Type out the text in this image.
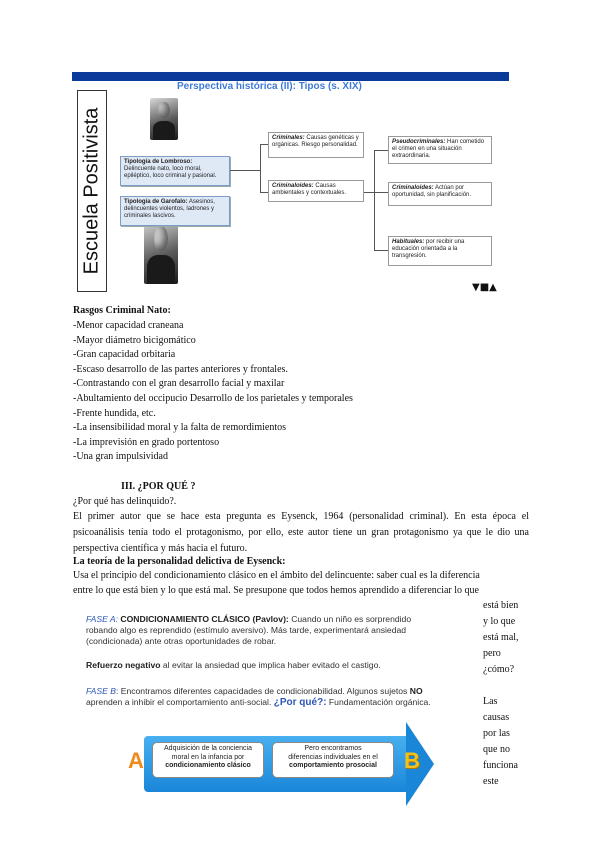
Perspectiva histórica (II): Tipos (s. XIX)
Escuela Positivista	Tipología de Lombroso:
Delincuente nato, loco moral, epiléptico, loco criminal y pasional.
Tipología de Garofalo: Asesinos, delincuentes violentos, ladrones y criminales lascivos.
Criminales: Causas genéticas y orgánicas. Riesgo personalidad.
Criminaloides: Causas ambientales y contextuales.
Pseudocriminales: Han cometido el crimen en una situación extraordinaria.
Criminaloides: Actúan por oportunidad, sin planificación.
Habituales: por recibir una educación orientada a la transgresión.
▼■▲
Rasgos Criminal Nato:
-Menor capacidad craneana
-Mayor diámetro bicigomático
-Gran capacidad orbitaria
-Escaso desarrollo de las partes anteriores y frontales.
-Contrastando con el gran desarrollo facial y maxilar
-Abultamiento del occipucio Desarrollo de los parietales y temporales
-Frente hundida, etc.
-La insensibilidad moral y la falta de remordimientos
-La imprevisión en grado portentoso
-Una gran impulsividad
III. ¿POR QUÉ ?
¿Por qué has delinquido?.
El primer autor que se hace esta pregunta es Eysenck, 1964 (personalidad criminal). En esta época el psicoanálisis tenía todo el protagonismo, por ello, este autor tiene un gran protagonismo ya que le dio una perspectiva científica y más hacia el futuro.
La teoría de la personalidad delictiva de Eysenck:
Usa el principio del condicionamiento clásico en el ámbito del delincuente: saber cual es la diferencia
entre lo que está bien y lo que está mal. Se presupone que todos hemos aprendido a diferenciar lo que
está bien
y lo que
está mal,
pero
¿cómo?
Las
causas
por las
que no
funciona
este
FASE A: CONDICIONAMIENTO CLÁSICO (Pavlov): Cuando un niño es sorprendido
robando algo es reprendido (estímulo aversivo). Más tarde, experimentará ansiedad
(condicionada) ante otras oportunidades de robar.
Refuerzo negativo al evitar la ansiedad que implica haber evitado el castigo.
FASE B: Encontramos diferentes capacidades de condicionabilidad. Algunos sujetos NO
aprenden a inhibir el comportamiento anti-social. ¿Por qué?: Fundamentación orgánica.
Adquisición de la conciencia
moral en la infancia por
condicionamiento clásico
Pero encontramos
diferencias individuales en el
comportamiento prosocial
A	B
